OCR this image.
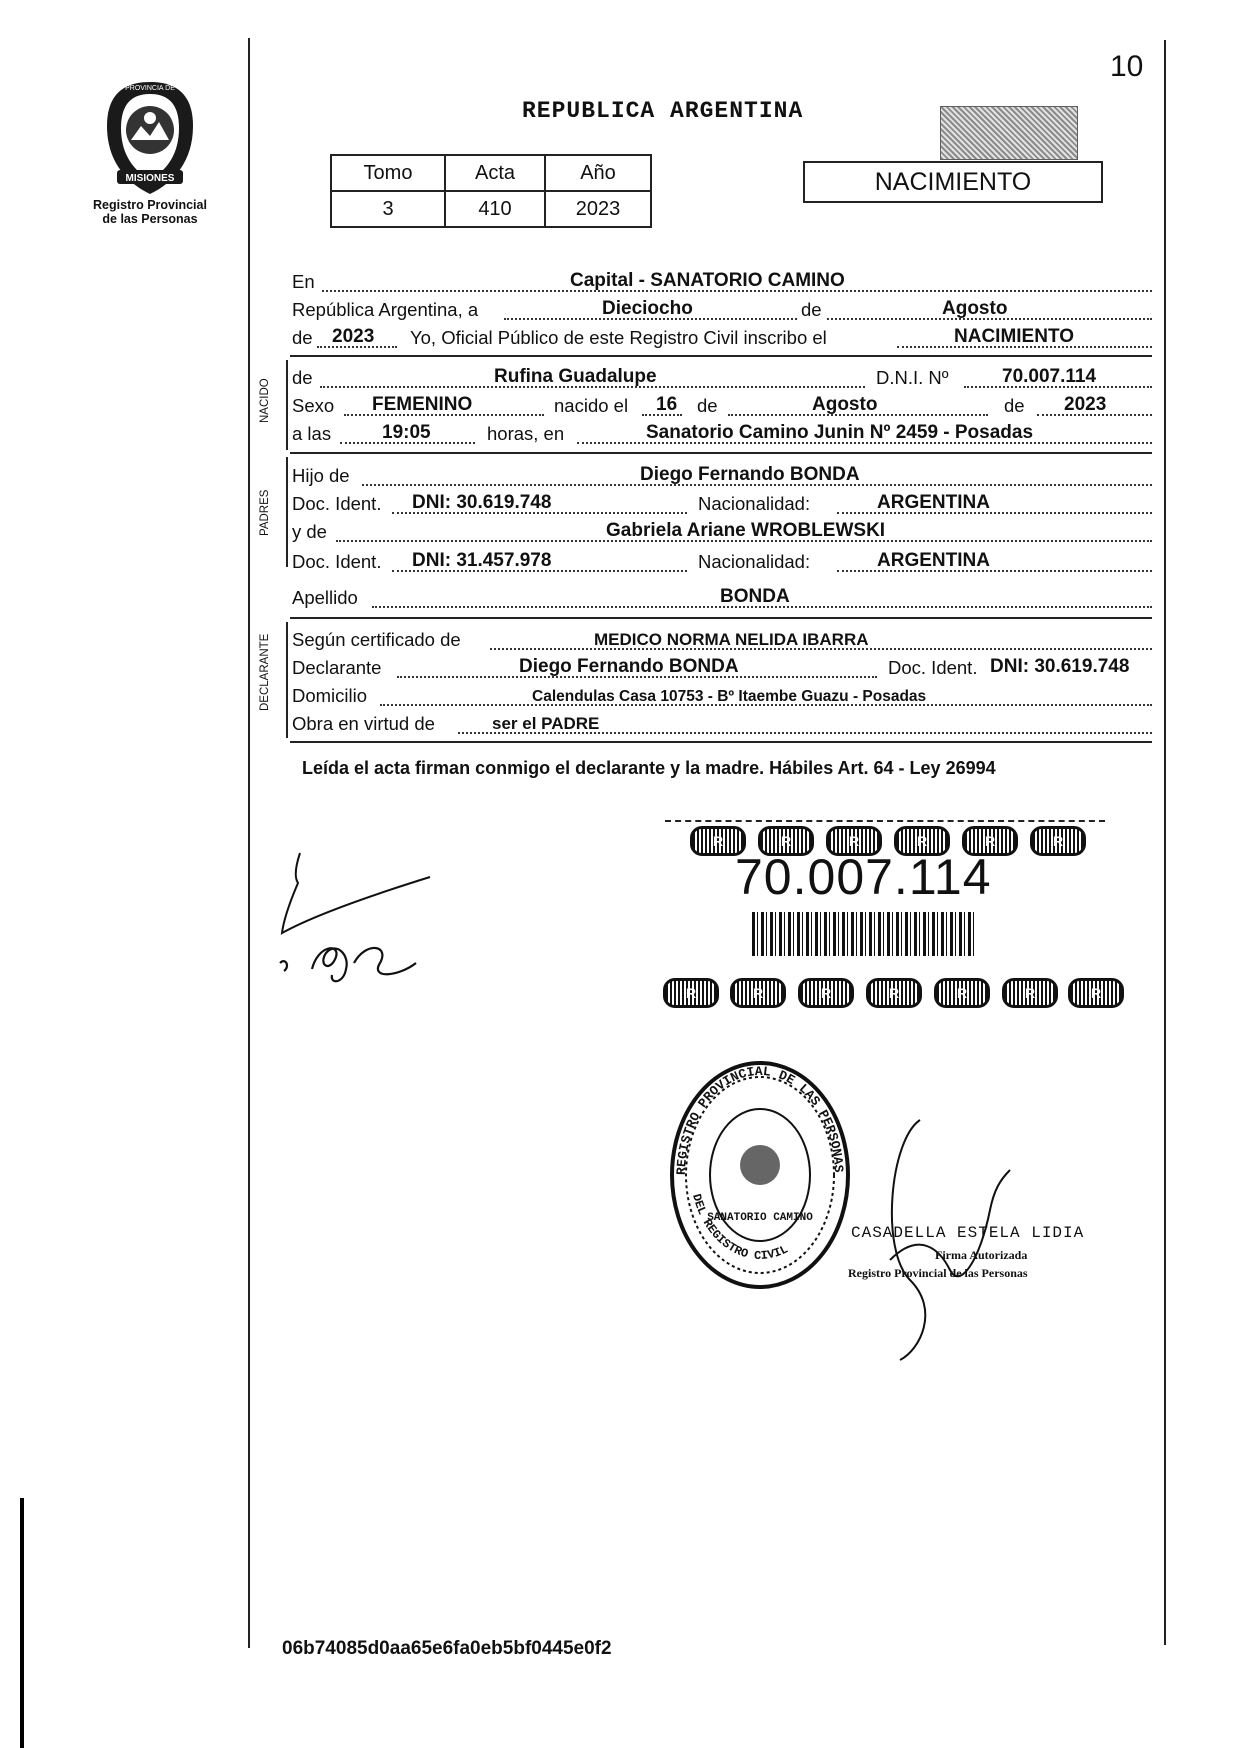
MISIONES
PROVINCIA DE
Registro Provincial
de las Personas
10
REPUBLICA ARGENTINA
Tomo	Acta	Año
3	410	2023
NACIMIENTO
En	Capital - SANATORIO CAMINO
República Argentina, a	Dieciocho	de	Agosto
de 2023 Yo, Oficial Público de este Registro Civil inscribo el	NACIMIENTO
NACIDO
de	Rufina Guadalupe	D.N.I. Nº	70.007.114
Sexo FEMENINO	nacido el 16 de	Agosto	de 2023
a las	19:05	horas, en	Sanatorio Camino Junin Nº 2459 - Posadas
PADRES
Hijo de	Diego Fernando BONDA
Doc. Ident. DNI: 30.619.748	Nacionalidad:	ARGENTINA
y de	Gabriela Ariane WROBLEWSKI
Doc. Ident. DNI: 31.457.978	Nacionalidad:	ARGENTINA
Apellido	BONDA
DECLARANTE Según certificado de	MEDICO NORMA NELIDA IBARRA
Declarante	Diego Fernando BONDA	Doc. Ident. DNI: 30.619.748
Domicilio	Calendulas Casa 10753 - Bº Itaembe Guazu - Posadas
Obra en virtud de	ser el PADRE
Leída el acta firman conmigo el declarante y la madre. Hábiles Art. 64 - Ley 26994
R	R	R	R	R	R
70.007.114
R	R	R	R	R	R	R
REGISTRO PROVINCIAL DE LAS PERSONAS
DEL REGISTRO CIVIL
SANATORIO CAMINO
CASADELLA ESTELA LIDIA
Firma Autorizada
Registro Provincial de las Personas
06b74085d0aa65e6fa0eb5bf0445e0f2
